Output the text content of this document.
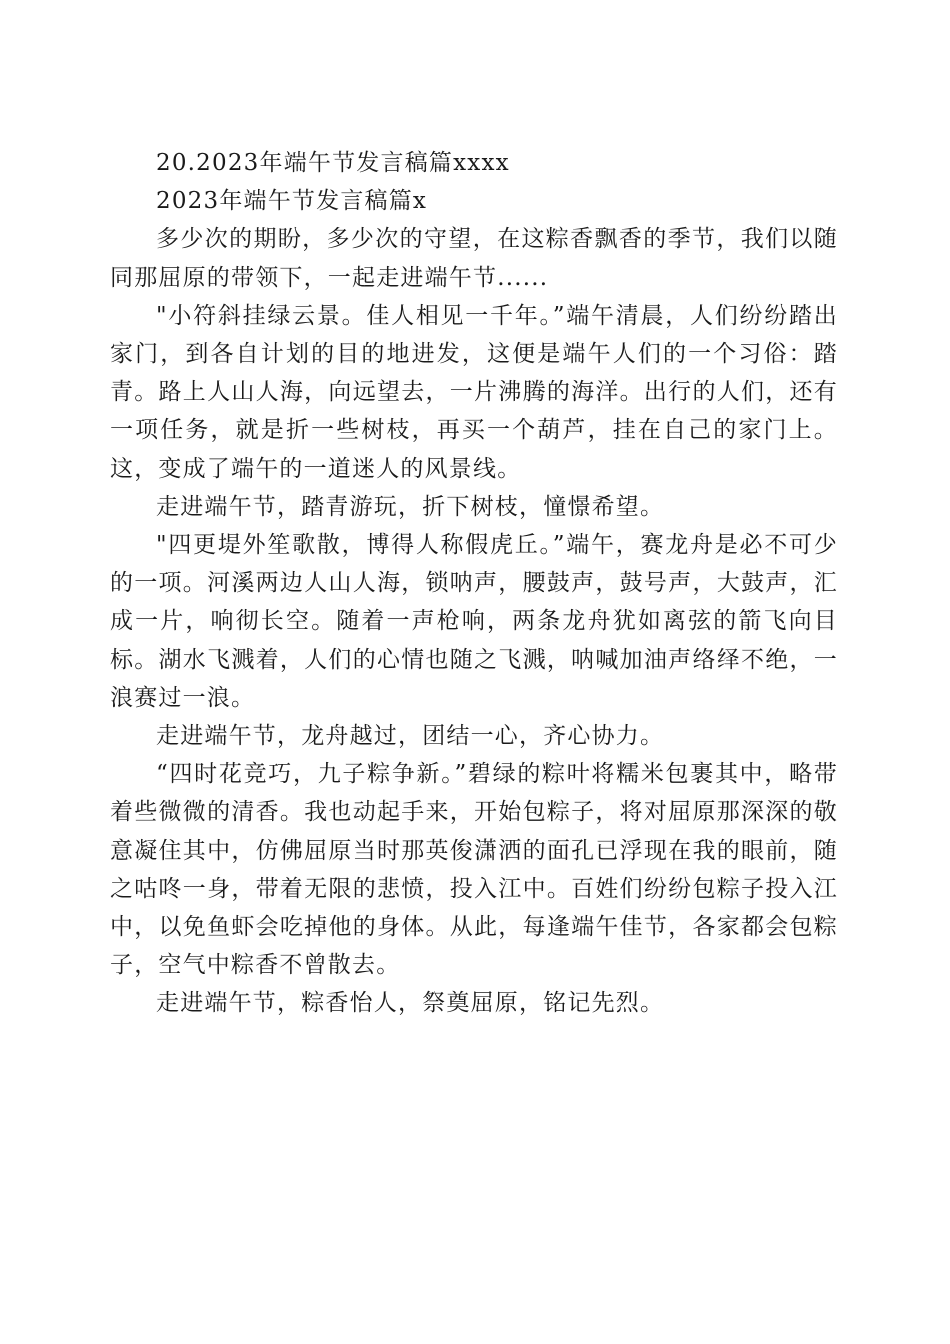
20.2023年端午节发言稿篇xxxx

2023年端午节发言稿篇x

多少次的期盼，多少次的守望，在这粽香飘香的季节，我们以随同那屈原的带领下，一起走进端午节......

"小符斜挂绿云景。佳人相见一千年。”端午清晨，人们纷纷踏出家门，到各自计划的目的地进发，这便是端午人们的一个习俗：踏青。路上人山人海，向远望去，一片沸腾的海洋。出行的人们，还有一项任务，就是折一些树枝，再买一个葫芦，挂在自己的家门上。这，变成了端午的一道迷人的风景线。

走进端午节，踏青游玩，折下树枝，憧憬希望。

"四更堤外笙歌散，博得人称假虎丘。”端午，赛龙舟是必不可少的一项。河溪两边人山人海，锁呐声，腰鼓声，鼓号声，大鼓声，汇成一片，响彻长空。随着一声枪响，两条龙舟犹如离弦的箭飞向目标。湖水飞溅着，人们的心情也随之飞溅，呐喊加油声络绎不绝，一浪赛过一浪。

走进端午节，龙舟越过，团结一心，齐心协力。

“四时花竞巧，九子粽争新。”碧绿的粽叶将糯米包裹其中，略带着些微微的清香。我也动起手来，开始包粽子，将对屈原那深深的敬意凝住其中，仿佛屈原当时那英俊潇洒的面孔已浮现在我的眼前，随之咕咚一身，带着无限的悲愤，投入江中。百姓们纷纷包粽子投入江中，以免鱼虾会吃掉他的身体。从此，每逢端午佳节，各家都会包粽子，空气中粽香不曾散去。

走进端午节，粽香怡人，祭奠屈原，铭记先烈。
